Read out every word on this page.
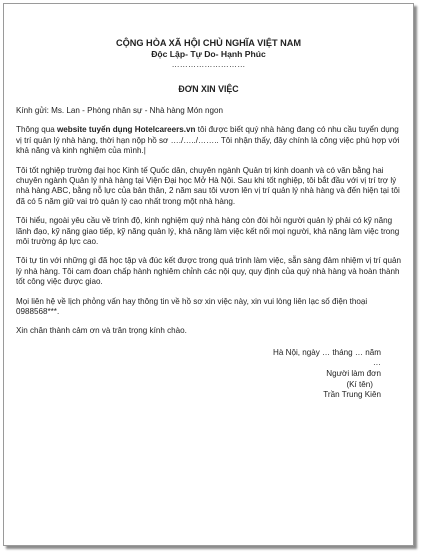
CỘNG HÒA XÃ HỘI CHỦ NGHĨA VIỆT NAM
Độc Lập- Tự Do- Hạnh Phúc
………………………
ĐƠN XIN VIỆC

Kính gửi: Ms. Lan - Phòng nhân sự - Nhà hàng Món ngon

Thông qua website tuyển dụng Hotelcareers.vn tôi được biết quý nhà hàng đang có nhu cầu tuyển dụng vị trí quản lý nhà hàng, thời hạn nộp hồ sơ …./…../…….. Tôi nhận thấy, đây chính là công việc phù hợp với khả năng và kinh nghiệm của mình.|

Tôi tốt nghiệp trường đại học Kinh tế Quốc dân, chuyên ngành Quản trị kinh doanh và có văn bằng hai chuyên ngành Quản lý nhà hàng tại Viện Đại học Mở Hà Nội. Sau khi tốt nghiệp, tôi bắt đầu với vị trí trợ lý nhà hàng ABC, bằng nỗ lực của bản thân, 2 năm sau tôi vươn lên vị trí quản lý nhà hàng và đến hiện tại tôi đã có 5 năm giữ vai trò quản lý cao nhất trong một nhà hàng.

Tôi hiểu, ngoài yêu cầu về trình độ, kinh nghiệm quý nhà hàng còn đòi hỏi người quản lý phải có kỹ năng lãnh đạo, kỹ năng giao tiếp, kỹ năng quản lý, khả năng làm việc kết nối mọi người, khả năng làm việc trong môi trường áp lực cao.

Tôi tự tin với những gì đã học tập và đúc kết được trong quá trình làm việc, sẵn sàng đảm nhiệm vị trí quản lý nhà hàng. Tôi cam đoan chấp hành nghiêm chỉnh các nội quy, quy định của quý nhà hàng và hoàn thành tốt công việc được giao.

Mọi liên hệ về lịch phỏng vấn hay thông tin về hồ sơ xin việc này, xin vui lòng liên lạc số điện thoại 0988568***.

Xin chân thành cảm ơn và trân trọng kính chào.

Hà Nội, ngày … tháng … năm
…
Người làm đơn
(Kí tên)
Trần Trung Kiên
